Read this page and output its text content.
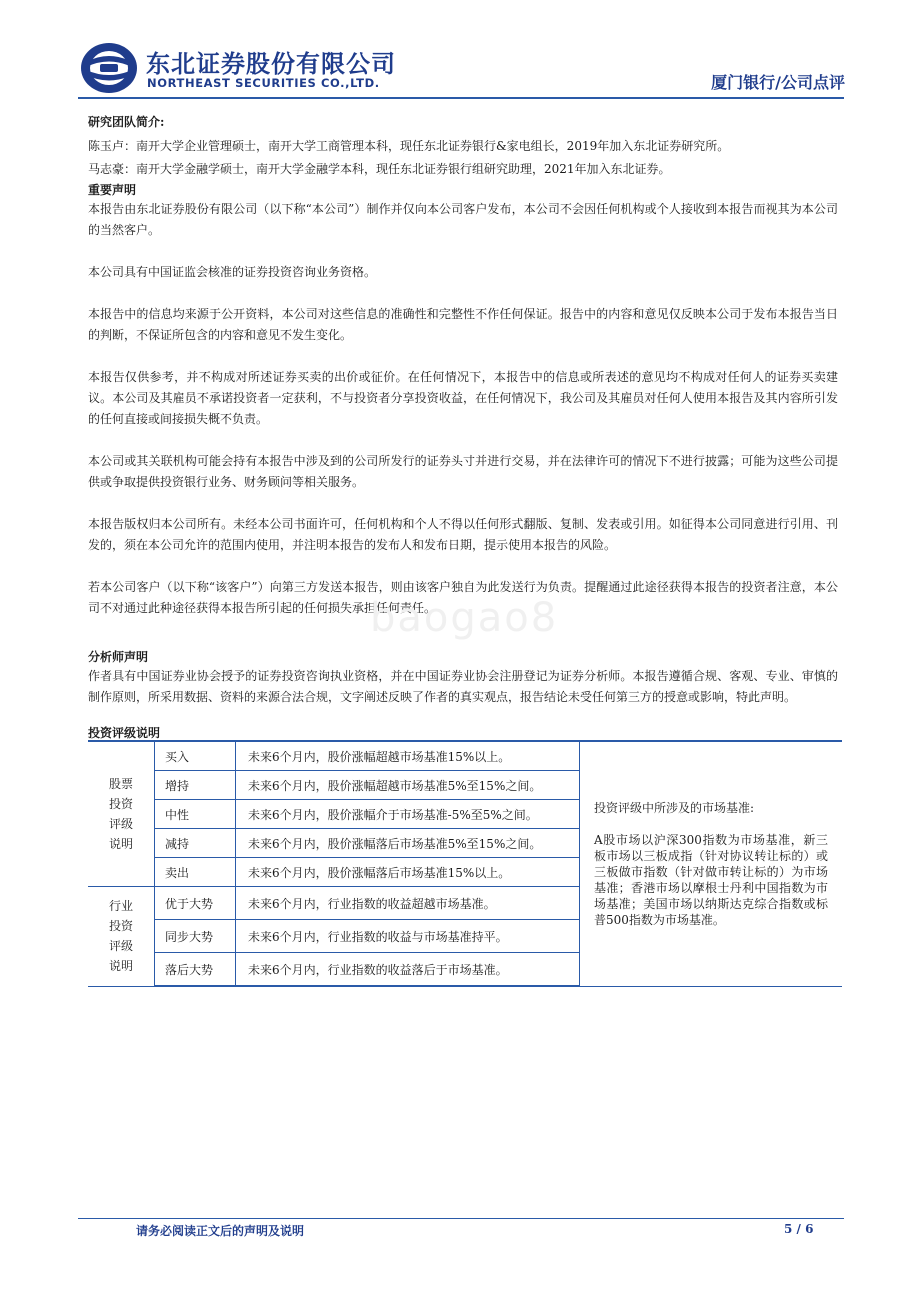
东北证券股份有限公司
NORTHEAST SECURITIES CO.,LTD.	厦门银行/公司点评
研究团队简介:

陈玉卢：南开大学企业管理硕士，南开大学工商管理本科，现任东北证券银行&家电组长，2019年加入东北证券研究所。

马志豪：南开大学金融学硕士，南开大学金融学本科，现任东北证券银行组研究助理，2021年加入东北证券。

重要声明

本报告由东北证券股份有限公司（以下称“本公司”）制作并仅向本公司客户发布，本公司不会因任何机构或个人接收到本报告而视其为本公司的当然客户。

本公司具有中国证监会核准的证券投资咨询业务资格。

本报告中的信息均来源于公开资料，本公司对这些信息的准确性和完整性不作任何保证。报告中的内容和意见仅反映本公司于发布本报告当日的判断，不保证所包含的内容和意见不发生变化。

本报告仅供参考，并不构成对所述证券买卖的出价或征价。在任何情况下，本报告中的信息或所表述的意见均不构成对任何人的证券买卖建议。本公司及其雇员不承诺投资者一定获利，不与投资者分享投资收益，在任何情况下，我公司及其雇员对任何人使用本报告及其内容所引发的任何直接或间接损失概不负责。

本公司或其关联机构可能会持有本报告中涉及到的公司所发行的证券头寸并进行交易，并在法律许可的情况下不进行披露；可能为这些公司提供或争取提供投资银行业务、财务顾问等相关服务。

本报告版权归本公司所有。未经本公司书面许可，任何机构和个人不得以任何形式翻版、复制、发表或引用。如征得本公司同意进行引用、刊发的，须在本公司允许的范围内使用，并注明本报告的发布人和发布日期，提示使用本报告的风险。

若本公司客户（以下称“该客户”）向第三方发送本报告，则由该客户独自为此发送行为负责。提醒通过此途径获得本报告的投资者注意，本公司不对通过此种途径获得本报告所引起的任何损失承担任何责任。

分析师声明

作者具有中国证券业协会授予的证券投资咨询执业资格，并在中国证券业协会注册登记为证券分析师。本报告遵循合规、客观、专业、审慎的制作原则，所采用数据、资料的来源合法合规，文字阐述反映了作者的真实观点，报告结论未受任何第三方的授意或影响，特此声明。

baogao8
投资评级说明
股票投资评级说明	买入	未来6个月内，股价涨幅超越市场基准15%以上。	投资评级中所涉及的市场基准:

A股市场以沪深300指数为市场基准，新三板市场以三板成指（针对协议转让标的）或三板做市指数（针对做市转让标的）为市场基准；香港市场以摩根士丹利中国指数为市场基准；美国市场以纳斯达克综合指数或标普500指数为市场基准。

	增持	未来6个月内，股价涨幅超越市场基准5%至15%之间。	
	中性	未来6个月内，股价涨幅介于市场基准-5%至5%之间。	
	减持	未来6个月内，股价涨幅落后市场基准5%至15%之间。	
	卖出	未来6个月内，股价涨幅落后市场基准15%以上。	
行业投资评级说明	优于大势	未来6个月内，行业指数的收益超越市场基准。	
	同步大势	未来6个月内，行业指数的收益与市场基准持平。	
	落后大势	未来6个月内，行业指数的收益落后于市场基准。	
请务必阅读正文后的声明及说明	5 / 6
